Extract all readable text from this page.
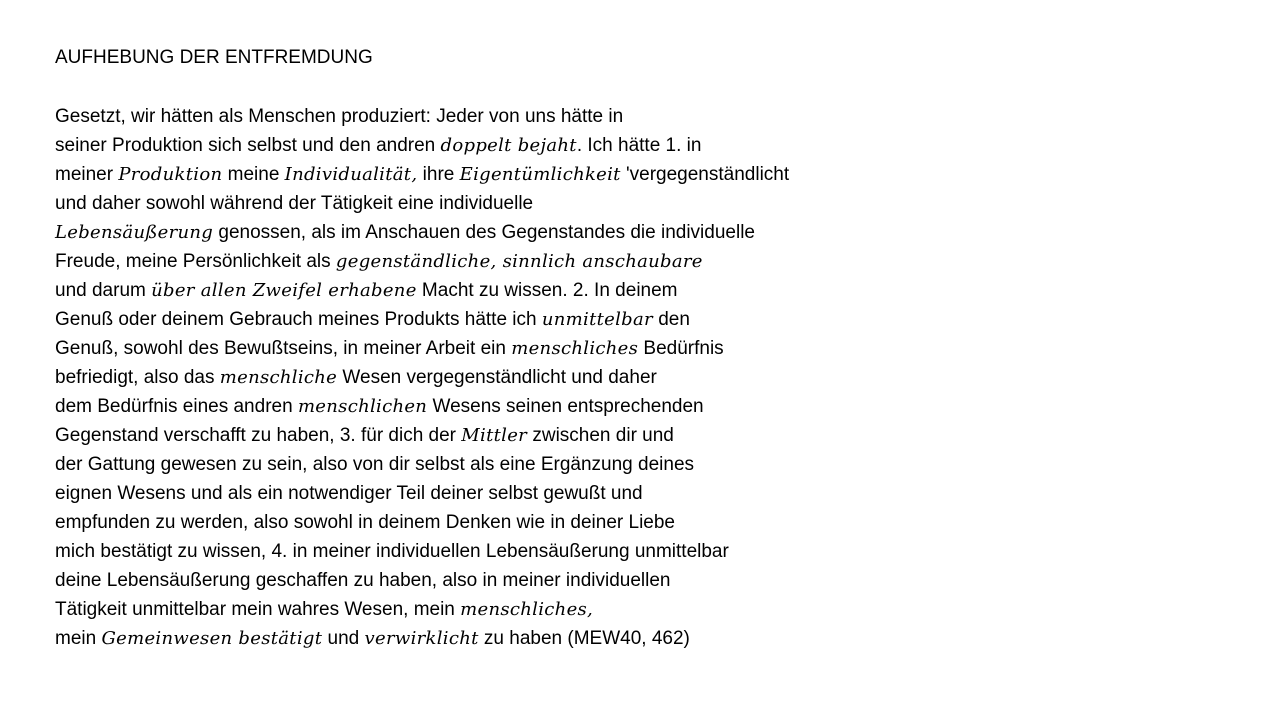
AUFHEBUNG DER ENTFREMDUNG
Gesetzt, wir hätten als Menschen produziert: Jeder von uns hätte in
seiner Produktion sich selbst und den andren doppelt bejaht. Ich hätte 1. in
meiner Produktion meine Individualität, ihre Eigentümlichkeit 'vergegenständlicht
und daher sowohl während der Tätigkeit eine individuelle
Lebensäußerung genossen, als im Anschauen des Gegenstandes die individuelle
Freude, meine Persönlichkeit als gegenständliche, sinnlich anschaubare
und darum über allen Zweifel erhabene Macht zu wissen. 2. In deinem
Genuß oder deinem Gebrauch meines Produkts hätte ich unmittelbar den
Genuß, sowohl des Bewußtseins, in meiner Arbeit ein menschliches Bedürfnis
befriedigt, also das menschliche Wesen vergegenständlicht und daher
dem Bedürfnis eines andren menschlichen Wesens seinen entsprechenden
Gegenstand verschafft zu haben, 3. für dich der Mittler zwischen dir und
der Gattung gewesen zu sein, also von dir selbst als eine Ergänzung deines
eignen Wesens und als ein notwendiger Teil deiner selbst gewußt und
empfunden zu werden, also sowohl in deinem Denken wie in deiner Liebe
mich bestätigt zu wissen, 4. in meiner individuellen Lebensäußerung unmittelbar
deine Lebensäußerung geschaffen zu haben, also in meiner individuellen
Tätigkeit unmittelbar mein wahres Wesen, mein menschliches,
mein Gemeinwesen bestätigt und verwirklicht zu haben (MEW40, 462)
